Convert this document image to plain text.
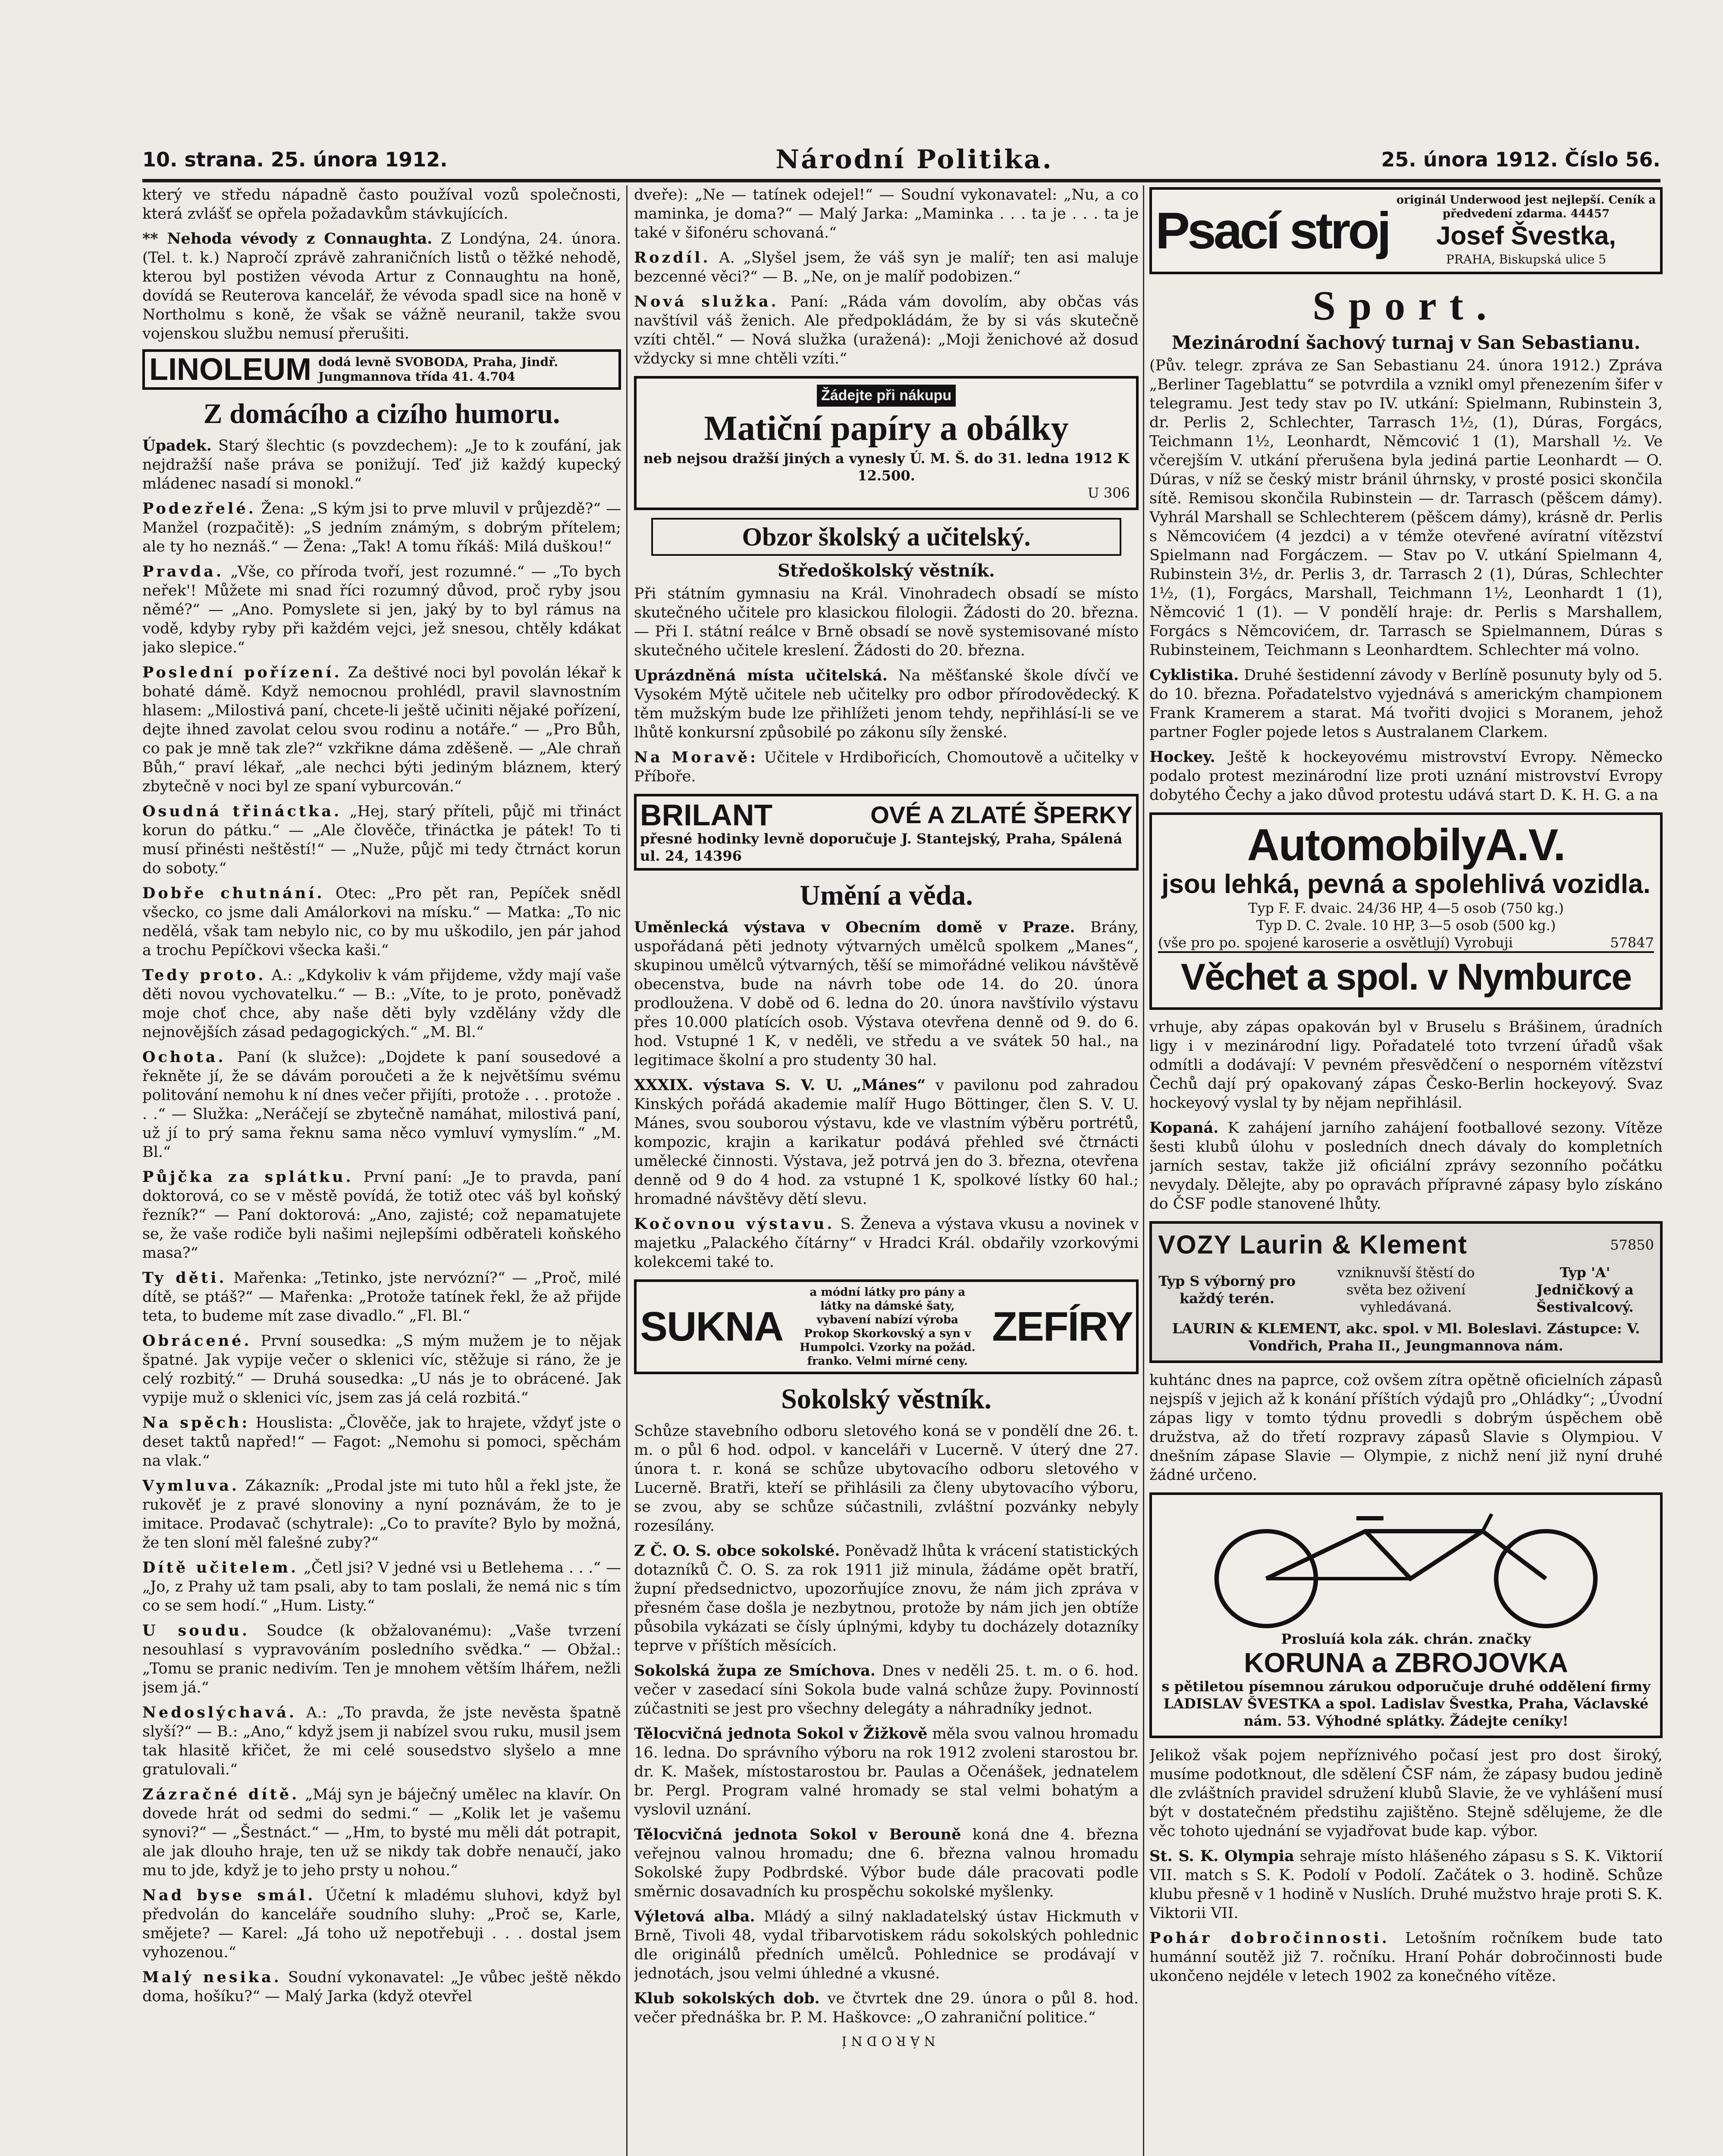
10. strana. 25. února 1912.	Národní Politika.	25. února 1912. Číslo 56.

který ve středu nápadně často používal vozů společnosti, která zvlášť se opřela požadavkům stávkujících.

** Nehoda vévody z Connaughta. Z Londýna, 24. února. (Tel. t. k.) Napročí zprávě zahraničních listů o těžké nehodě, kterou byl postižen vévoda Artur z Connaughtu na honě, dovídá se Reuterova kancelář, že vévoda spadl sice na honě v Northolmu s koně, že však se vážně neuranil, takže svou vojenskou službu nemusí přerušiti.

LINOLEUM dodá levně SVOBODA, Praha, Jindř. Jungmannova třída 41. 4.704
Z domácího a cizího humoru.

Úpadek. Starý šlechtic (s povzdechem): „Je to k zoufání, jak nejdražší naše práva se ponižují. Teď již každý kupecký mládenec nasadí si monokl.“

Podezřelé. Žena: „S kým jsi to prve mluvil v průjezdě?“ — Manžel (rozpačitě): „S jedním známým, s dobrým přítelem; ale ty ho neznáš.“ — Žena: „Tak! A tomu říkáš: Milá duškou!“

Pravda. „Vše, co příroda tvoří, jest rozumné.“ — „To bych neřek'! Můžete mi snad říci rozumný důvod, proč ryby jsou němé?“ — „Ano. Pomyslete si jen, jaký by to byl rámus na vodě, kdyby ryby při každém vejci, jež snesou, chtěly kdákat jako slepice.“

Poslední pořízení. Za deštivé noci byl povolán lékař k bohaté dámě. Když nemocnou prohlédl, pravil slavnostním hlasem: „Milostivá paní, chcete-li ještě učiniti nějaké pořízení, dejte ihned zavolat celou svou rodinu a notáře.“ — „Pro Bůh, co pak je mně tak zle?“ vzkřikne dáma zděšeně. — „Ale chraň Bůh,“ praví lékař, „ale nechci býti jediným bláznem, který zbytečně v noci byl ze spaní vyburcován.“

Osudná třináctka. „Hej, starý příteli, půjč mi třináct korun do pátku.“ — „Ale člověče, třináctka je pátek! To ti musí přinésti neštěstí!“ — „Nuže, půjč mi tedy čtrnáct korun do soboty.“

Dobře chutnání. Otec: „Pro pět ran, Pepíček snědl všecko, co jsme dali Amálorkovi na mísku.“ — Matka: „To nic nedělá, však tam nebylo nic, co by mu uškodilo, jen pár jahod a trochu Pepíčkovi všecka kaši.“

Tedy proto. A.: „Kdykoliv k vám přijdeme, vždy mají vaše děti novou vychovatelku.“ — B.: „Víte, to je proto, poněvadž moje choť chce, aby naše děti byly vzdělány vždy dle nejnovějších zásad pedagogických.“ „M. Bl.“

Ochota. Paní (k služce): „Dojdete k paní sousedové a řekněte jí, že se dávám poroučeti a že k největšímu svému politování nemohu k ní dnes večer přijíti, protože . . . protože . . .“ — Služka: „Neráčejí se zbytečně namáhat, milostivá paní, už jí to prý sama řeknu sama něco vymluví vymyslím.“ „M. Bl.“

Půjčka za splátku. První paní: „Je to pravda, paní doktorová, co se v městě povídá, že totiž otec váš byl koňský řezník?“ — Paní doktorová: „Ano, zajisté; což nepamatujete se, že vaše rodiče byli našimi nejlepšími odběrateli koňského masa?“

Ty děti. Mařenka: „Tetinko, jste nervózní?“ — „Proč, milé dítě, se ptáš?“ — Mařenka: „Protože tatínek řekl, že až přijde teta, to budeme mít zase divadlo.“ „Fl. Bl.“

Obrácené. První sousedka: „S mým mužem je to nějak špatné. Jak vypije večer o sklenici víc, stěžuje si ráno, že je celý rozbitý.“ — Druhá sousedka: „U nás je to obrácené. Jak vypije muž o sklenici víc, jsem zas já celá rozbitá.“

Na spěch: Houslista: „Člověče, jak to hrajete, vždyť jste o deset taktů napřed!“ — Fagot: „Nemohu si pomoci, spěchám na vlak.“

Vymluva. Zákazník: „Prodal jste mi tuto hůl a řekl jste, že rukověť je z pravé slonoviny a nyní poznávám, že to je imitace. Prodavač (schytrale): „Co to pravíte? Bylo by možná, že ten sloní měl falešné zuby?“

Dítě učitelem. „Četl jsi? V jedné vsi u Betlehema . . .“ — „Jo, z Prahy už tam psali, aby to tam poslali, že nemá nic s tím co se sem hodí.“ „Hum. Listy.“

U soudu. Soudce (k obžalovanému): „Vaše tvrzení nesouhlasí s vypravováním posledního svědka.“ — Obžal.: „Tomu se pranic nedivím. Ten je mnohem větším lhářem, nežli jsem já.“

Nedoslýchavá. A.: „To pravda, že jste nevěsta špatně slyší?“ — B.: „Ano,“ když jsem ji nabízel svou ruku, musil jsem tak hlasitě křičet, že mi celé sousedstvo slyšelo a mne gratulovali.“

Zázračné dítě. „Máj syn je báječný umělec na klavír. On dovede hrát od sedmi do sedmi.“ — „Kolik let je vašemu synovi?“ — „Šestnáct.“ — „Hm, to bysté mu měli dát potrapit, ale jak dlouho hraje, ten už se nikdy tak dobře nenaučí, jako mu to jde, když je to jeho prsty u nohou.“

Nad byse smál. Účetní k mladému sluhovi, když byl předvolán do kanceláře soudního sluhy: „Proč se, Karle, smějete? — Karel: „Já toho už nepotřebuji . . . dostal jsem vyhozenou.“

Malý nesika. Soudní vykonavatel: „Je vůbec ještě někdo doma, hošíku?“ — Malý Jarka (když otevřel

dveře): „Ne — tatínek odejel!“ — Soudní vykonavatel: „Nu, a co maminka, je doma?“ — Malý Jarka: „Maminka . . . ta je . . . ta je také v šifonéru schovaná.“

Rozdíl. A. „Slyšel jsem, že váš syn je malíř; ten asi maluje bezcenné věci?“ — B. „Ne, on je malíř podobizen.“

Nová služka. Paní: „Ráda vám dovolím, aby občas vás navštívil váš ženich. Ale předpokládám, že by si vás skutečně vzíti chtěl.“ — Nová služka (uražená): „Moji ženichové až dosud vždycky si mne chtěli vzíti.“

Žádejte při nákupu
Matiční papíry a obálky
neb nejsou dražší jiných a vynesly Ú. M. Š. do 31. ledna 1912 K 12.500.
U 306
Obzor školský a učitelský.
Středoškolský věstník.

Při státním gymnasiu na Král. Vinohradech obsadí se místo skutečného učitele pro klasickou filologii. Žádosti do 20. března. — Při I. státní reálce v Brně obsadí se nově systemisované místo skutečného učitele kreslení. Žádosti do 20. března.

Uprázdněná místa učitelská. Na měšťanské škole dívčí ve Vysokém Mýtě učitele neb učitelky pro odbor přírodovědecký. K těm mužským bude lze přihlížeti jenom tehdy, nepřihlásí-li se ve lhůtě konkursní způsobilé po zákonu síly ženské.

Na Moravě: Učitele v Hrdibořicích, Chomoutově a učitelky v Příboře.

BRILANT	OVÉ A ZLATÉ ŠPERKY
přesné hodinky levně doporučuje J. Stantejský, Praha, Spálená ul. 24, 14396
Umění a věda.

Uměnlecká výstava v Obecním domě v Praze. Brány, uspořádaná pěti jednoty výtvarných umělců spolkem „Manes“, skupinou umělců výtvarných, těší se mimořádné velikou návštěvě obecenstva, bude na návrh tobe ode 14. do 20. února prodloužena. V době od 6. ledna do 20. února navštívilo výstavu přes 10.000 platících osob. Výstava otevřena denně od 9. do 6. hod. Vstupné 1 K, v neděli, ve středu a ve svátek 50 hal., na legitimace školní a pro studenty 30 hal.

XXXIX. výstava S. V. U. „Mánes“ v pavilonu pod zahradou Kinských pořádá akademie malíř Hugo Böttinger, člen S. V. U. Mánes, svou souborou výstavu, kde ve vlastním výběru portrétů, kompozic, krajin a karikatur podává přehled své čtrnácti umělecké činnosti. Výstava, jež potrvá jen do 3. března, otevřena denně od 9 do 4 hod. za vstupné 1 K, spolkové lístky 60 hal.; hromadné návštěvy dětí slevu.

Kočovnou výstavu. S. Ženeva a výstava vkusu a novinek v majetku „Palackého čítárny“ v Hradci Král. obdařily vzorkovými kolekcemi také to.

SUKNA
a módní látky pro pány a látky na dámské šaty, vybavení nabízí výroba Prokop Skorkovský a syn v Humpolci. Vzorky na požád. franko. Velmi mírné ceny.
ZEFÍRY
Sokolský věstník.

Schůze stavebního odboru sletového koná se v pondělí dne 26. t. m. o půl 6 hod. odpol. v kanceláři v Lucerně. V úterý dne 27. února t. r. koná se schůze ubytovacího odboru sletového v Lucerně. Bratři, kteří se přihlásili za členy ubytovacího výboru, se zvou, aby se schůze súčastnili, zvláštní pozvánky nebyly rozesílány.

Z Č. O. S. obce sokolské. Poněvadž lhůta k vrácení statistických dotazníků Č. O. S. za rok 1911 již minula, žádáme opět bratří, župní předsednictvo, upozorňujíce znovu, že nám jich zpráva v přesném čase došla je nezbytnou, protože by nám jich jen obtíže působila vykázati se čísly úplnými, kdyby tu docházely dotazníky teprve v příštích měsících.

Sokolská župa ze Smíchova. Dnes v neděli 25. t. m. o 6. hod. večer v zasedací síni Sokola bude valná schůze župy. Povinností zúčastniti se jest pro všechny delegáty a náhradníky jednot.

Tělocvičná jednota Sokol v Žižkově měla svou valnou hromadu 16. ledna. Do správního výboru na rok 1912 zvoleni starostou br. dr. K. Mašek, místostarostou br. Paulas a Očenášek, jednatelem br. Pergl. Program valné hromady se stal velmi bohatým a vyslovil uznání.

Tělocvičná jednota Sokol v Berouně koná dne 4. března veřejnou valnou hromadu; dne 6. března valnou hromadu Sokolské župy Podbrdské. Výbor bude dále pracovati podle směrnic dosavadních ku prospěchu sokolské myšlenky.

Výletová alba. Mládý a silný nakladatelský ústav Hickmuth v Brně, Tivoli 48, vydal třibarvotiskem rádu sokolských pohlednic dle originálů předních umělců. Pohlednice se prodávají v jednotách, jsou velmi úhledné a vkusné.

Klub sokolských dob. ve čtvrtek dne 29. února o půl 8. hod. večer přednáška br. P. M. Haškovce: „O zahraniční politice.“

NÁRODNÍ
Psací stroj
originál Underwood jest nejlepší. Ceník a předvedení zdarma. 44457
Josef Švestka,
PRAHA, Biskupská ulice 5
Sport.
Mezinárodní šachový turnaj v San Sebastianu.

(Pův. telegr. zpráva ze San Sebastianu 24. února 1912.) Zpráva „Berliner Tageblattu“ se potvrdila a vznikl omyl přenezením šifer v telegramu. Jest tedy stav po IV. utkání: Spielmann, Rubinstein 3, dr. Perlis 2, Schlechter, Tarrasch 1½, (1), Dúras, Forgács, Teichmann 1½, Leonhardt, Němcović 1 (1), Marshall ½. Ve včerejším V. utkání přerušena byla jediná partie Leonhardt — O. Dúras, v níž se český mistr bránil úhrnsky, v prosté posici skončila sítě. Remisou skončila Rubinstein — dr. Tarrasch (pěšcem dámy). Vyhrál Marshall se Schlechterem (pěšcem dámy), krásně dr. Perlis s Němcovićem (4 jezdci) a v témže otevřené avíratní vítězství Spielmann nad Forgáczem. — Stav po V. utkání Spielmann 4, Rubinstein 3½, dr. Perlis 3, dr. Tarrasch 2 (1), Dúras, Schlechter 1½, (1), Forgács, Marshall, Teichmann 1½, Leonhardt 1 (1), Němcović 1 (1). — V pondělí hraje: dr. Perlis s Marshallem, Forgács s Němcovićem, dr. Tarrasch se Spielmannem, Dúras s Rubinsteinem, Teichmann s Leonhardtem. Schlechter má volno.

Cyklistika. Druhé šestidenní závody v Berlíně posunuty byly od 5. do 10. března. Pořadatelstvo vyjednává s americkým championem Frank Kramerem a starat. Má tvořiti dvojici s Moranem, jehož partner Fogler pojede letos s Australanem Clarkem.

Hockey. Ještě k hockeyovému mistrovství Evropy. Německo podalo protest mezinárodní lize proti uznání mistrovství Evropy dobytého Čechy a jako důvod protestu udává start D. K. H. G. a na

AutomobilyA.V.
jsou lehká, pevná a spolehlivá vozidla.
Typ F. F. dvaic. 24/36 HP, 4—5 osob (750 kg.)
Typ D. C. 2vale. 10 HP, 3—5 osob (500 kg.)
(vše pro po. spojené karoserie a osvětlují) Vyrobuji	57847
Věchet a spol. v Nymburce

vrhuje, aby zápas opakován byl v Bruselu s Brášinem, úradních ligy i v mezinárodní ligy. Pořadatelé toto tvrzení úřadů však odmítli a dodávají: V pevném přesvědčení o nesporném vítězství Čechů dají prý opakovaný zápas Česko-Berlin hockeyový. Svaz hockeyový vyslal ty by nějam nepřihlásil.

Kopaná. K zahájení jarního zahájení footballové sezony. Vítěze šesti klubů úlohu v posledních dnech dávaly do kompletních jarních sestav, takže již oficiální zprávy sezonního počátku nevydaly. Dělejte, aby po opravách přípravné zápasy bylo získáno do ČSF podle stanovené lhůty.

VOZY Laurin & Klement	57850
Typ S výborný pro každý terén.
vzniknuvší štěstí do světa bez oživení vyhledávaná.
Typ 'A' Jedničkový a Šestivalcový.
LAURIN & KLEMENT, akc. spol. v Ml. Boleslavi. Zástupce: V. Vondřich, Praha II., Jeungmannova nám.

kuhtánc dnes na paprce, což ovšem zítra opětně oficielních zápasů nejspíš v jejich až k konání příštích výdajů pro „Ohládky“; „Úvodní zápas ligy v tomto týdnu provedli s dobrým úspěchem obě družstva, až do třetí rozpravy zápasů Slavie s Olympiou. V dnešním zápase Slavie — Olympie, z nichž není již nyní druhé žádné určeno.

Prosluíá kola zák. chrán. značky
KORUNA a ZBROJOVKA
s pětiletou písemnou zárukou odporučuje druhé oddělení firmy LADISLAV ŠVESTKA a spol. Ladislav Švestka, Praha, Václavské nám. 53. Výhodné splátky. Žádejte ceníky!

Jelikož však pojem nepříznivého počasí jest pro dost široký, musíme podotknout, dle sdělení ČSF nám, že zápasy budou jedině dle zvláštních pravidel sdružení klubů Slavie, že ve vyhlášení musí být v dostatečném předstihu zajištěno. Stejně sdělujeme, že dle věc tohoto ujednání se vyjadřovat bude kap. výbor.

St. S. K. Olympia sehraje místo hlášeného zápasu s S. K. Viktorií VII. match s S. K. Podolí v Podolí. Začátek o 3. hodině. Schůze klubu přesně v 1 hodině v Nuslích. Druhé mužstvo hraje proti S. K. Viktorii VII.

Pohár dobročinnosti. Letošním ročníkem bude tato humánní soutěž již 7. ročníku. Hraní Pohár dobročinnosti bude ukončeno nejdéle v letech 1902 za konečného vítěze.
